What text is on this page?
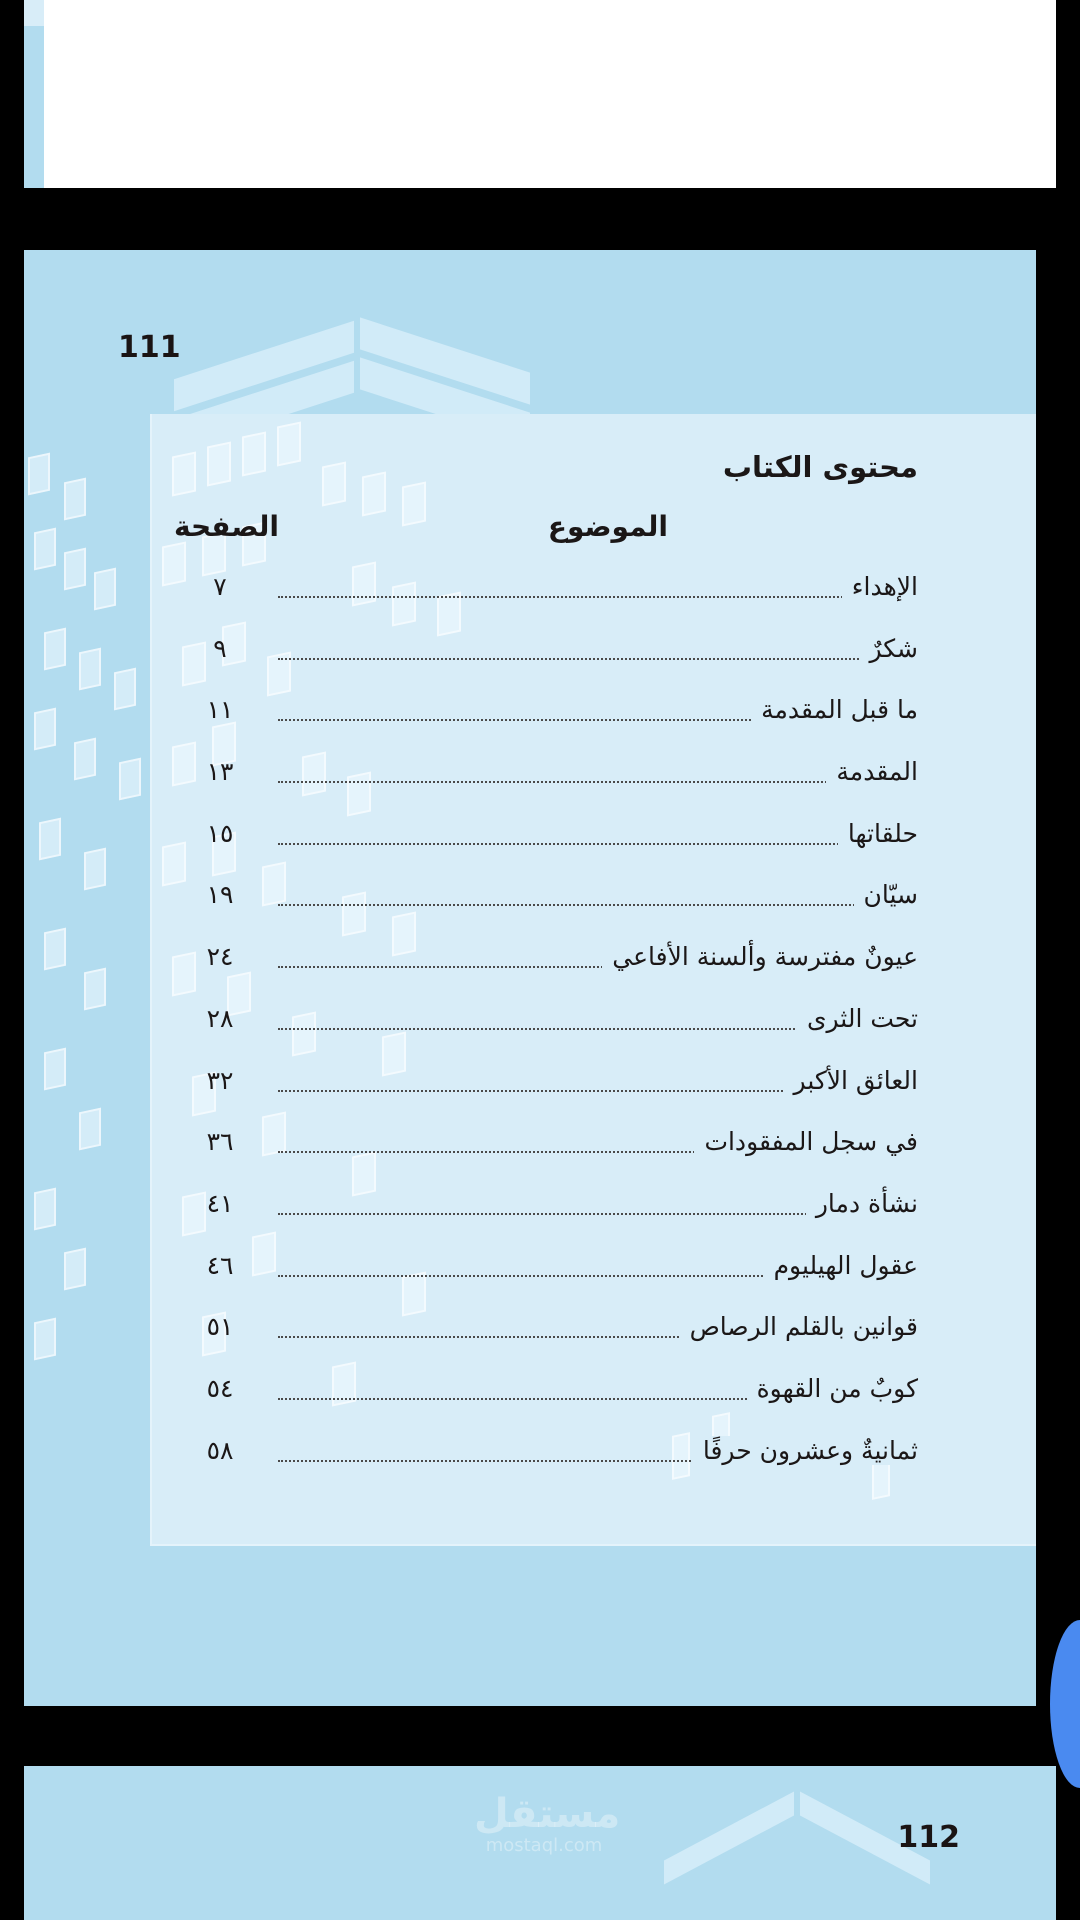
111
محتوى الكتاب
الموضوع
الصفحة
الإهداء
٧
شكرٌ
٩
ما قبل المقدمة
١١
المقدمة
١٣
حلقاتها
١٥
سيّان
١٩
عيونٌ مفترسة وألسنة الأفاعي
٢٤
تحت الثرى
٢٨
العائق الأكبر
٣٢
في سجل المفقودات
٣٦
نشأة دمار
٤١
عقول الهيليوم
٤٦
قوانين بالقلم الرصاص
٥١
كوبٌ من القهوة
٥٤
ثمانيةٌ وعشرون حرفًا
٥٨
مستقل
mostaql.com	112
